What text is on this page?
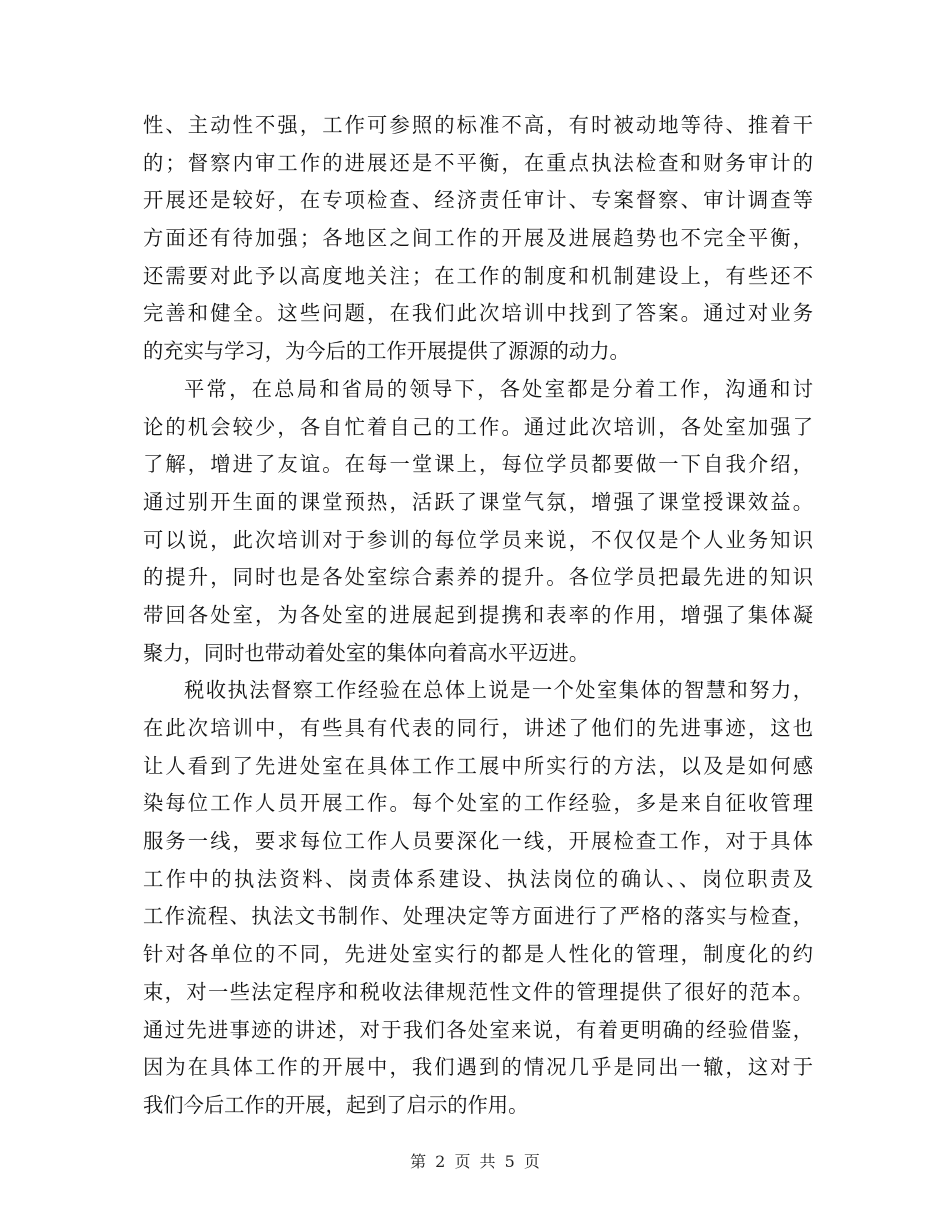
性、主动性不强，工作可参照的标准不高，有时被动地等待、推着干
的；督察内审工作的进展还是不平衡，在重点执法检查和财务审计的
开展还是较好，在专项检查、经济责任审计、专案督察、审计调查等
方面还有待加强；各地区之间工作的开展及进展趋势也不完全平衡，
还需要对此予以高度地关注；在工作的制度和机制建设上，有些还不
完善和健全。这些问题，在我们此次培训中找到了答案。通过对业务
的充实与学习，为今后的工作开展提供了源源的动力。
平常，在总局和省局的领导下，各处室都是分着工作，沟通和讨
论的机会较少，各自忙着自己的工作。通过此次培训，各处室加强了
了解，增进了友谊。在每一堂课上，每位学员都要做一下自我介绍，
通过别开生面的课堂预热，活跃了课堂气氛，增强了课堂授课效益。
可以说，此次培训对于参训的每位学员来说，不仅仅是个人业务知识
的提升，同时也是各处室综合素养的提升。各位学员把最先进的知识
带回各处室，为各处室的进展起到提携和表率的作用，增强了集体凝
聚力，同时也带动着处室的集体向着高水平迈进。
税收执法督察工作经验在总体上说是一个处室集体的智慧和努力，
在此次培训中，有些具有代表的同行，讲述了他们的先进事迹，这也
让人看到了先进处室在具体工作工展中所实行的方法，以及是如何感
染每位工作人员开展工作。每个处室的工作经验，多是来自征收管理
服务一线，要求每位工作人员要深化一线，开展检查工作，对于具体
工作中的执法资料、岗责体系建设、执法岗位的确认、、岗位职责及
工作流程、执法文书制作、处理决定等方面进行了严格的落实与检查，
针对各单位的不同，先进处室实行的都是人性化的管理，制度化的约
束，对一些法定程序和税收法律规范性文件的管理提供了很好的范本。
通过先进事迹的讲述，对于我们各处室来说，有着更明确的经验借鉴，
因为在具体工作的开展中，我们遇到的情况几乎是同出一辙，这对于
我们今后工作的开展，起到了启示的作用。
第 2 页 共 5 页
